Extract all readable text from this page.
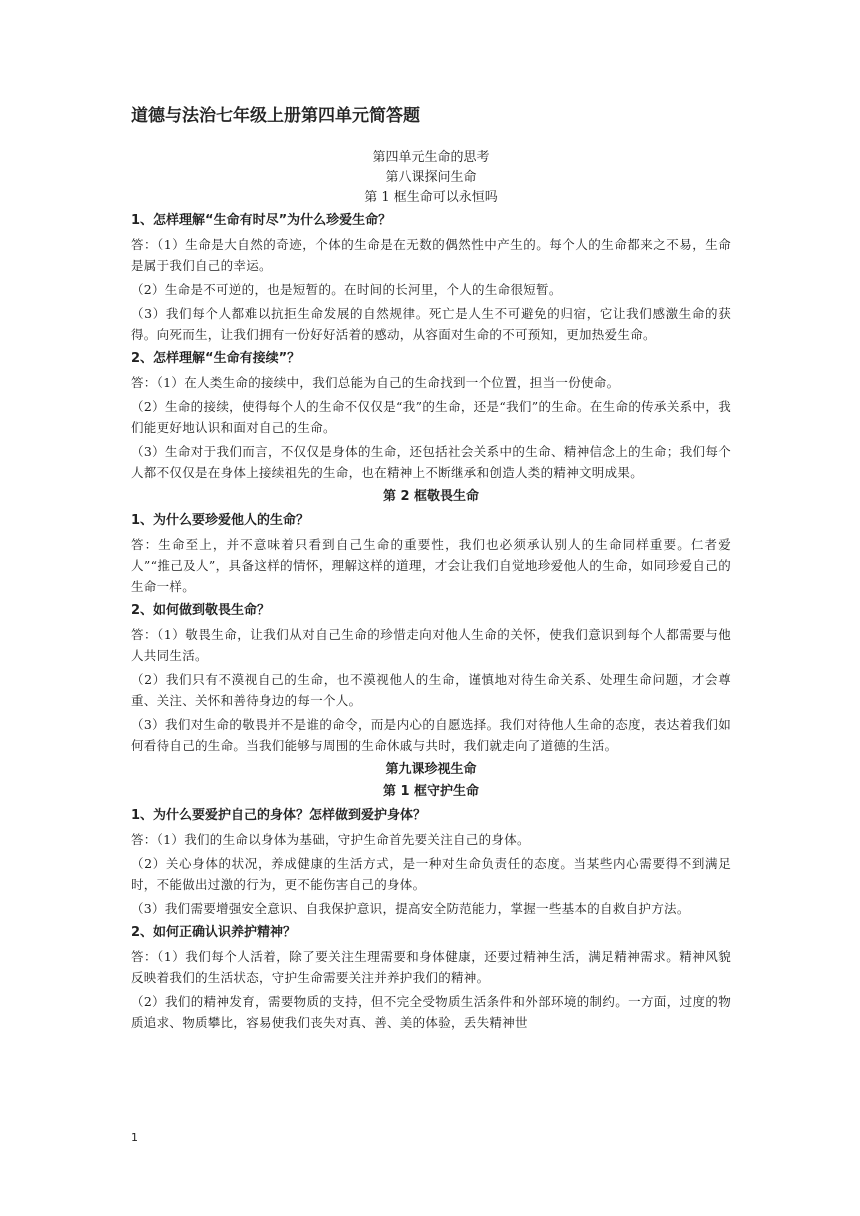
道德与法治七年级上册第四单元简答题

第四单元生命的思考

第八课探问生命

第 1 框生命可以永恒吗

1、怎样理解“生命有时尽”为什么珍爱生命？
答：（1）生命是大自然的奇迹，个体的生命是在无数的偶然性中产生的。每个人的生命都来之不易，生命是属于我们自己的幸运。
（2）生命是不可逆的，也是短暂的。在时间的长河里，个人的生命很短暂。
（3）我们每个人都难以抗拒生命发展的自然规律。死亡是人生不可避免的归宿，它让我们感激生命的获得。向死而生，让我们拥有一份好好活着的感动，从容面对生命的不可预知，更加热爱生命。
2、怎样理解“生命有接续”？
答：（1）在人类生命的接续中，我们总能为自己的生命找到一个位置，担当一份使命。
（2）生命的接续，使得每个人的生命不仅仅是“我”的生命，还是“我们”的生命。在生命的传承关系中，我们能更好地认识和面对自己的生命。
（3）生命对于我们而言，不仅仅是身体的生命，还包括社会关系中的生命、精神信念上的生命；我们每个人都不仅仅是在身体上接续祖先的生命，也在精神上不断继承和创造人类的精神文明成果。

第 2 框敬畏生命

1、为什么要珍爱他人的生命？
答：生命至上，并不意味着只看到自己生命的重要性，我们也必须承认别人的生命同样重要。仁者爱人”“推己及人”，具备这样的情怀，理解这样的道理，才会让我们自觉地珍爱他人的生命，如同珍爱自己的生命一样。
2、如何做到敬畏生命？
答：（1）敬畏生命，让我们从对自己生命的珍惜走向对他人生命的关怀，使我们意识到每个人都需要与他人共同生活。
（2）我们只有不漠视自己的生命，也不漠视他人的生命，谨慎地对待生命关系、处理生命问题，才会尊重、关注、关怀和善待身边的每一个人。
（3）我们对生命的敬畏并不是谁的命令，而是内心的自愿选择。我们对待他人生命的态度，表达着我们如何看待自己的生命。当我们能够与周围的生命休戚与共时，我们就走向了道德的生活。

第九课珍视生命

第 1 框守护生命

1、为什么要爱护自己的身体？怎样做到爱护身体？
答：（1）我们的生命以身体为基础，守护生命首先要关注自己的身体。
（2）关心身体的状况，养成健康的生活方式，是一种对生命负责任的态度。当某些内心需要得不到满足时，不能做出过激的行为，更不能伤害自己的身体。
（3）我们需要增强安全意识、自我保护意识，提高安全防范能力，掌握一些基本的自救自护方法。
2、如何正确认识养护精神？
答：（1）我们每个人活着，除了要关注生理需要和身体健康，还要过精神生活，满足精神需求。精神风貌反映着我们的生活状态，守护生命需要关注并养护我们的精神。
（2）我们的精神发育，需要物质的支持，但不完全受物质生活条件和外部环境的制约。一方面，过度的物质追求、物质攀比，容易使我们丧失对真、善、美的体验，丢失精神世
1
